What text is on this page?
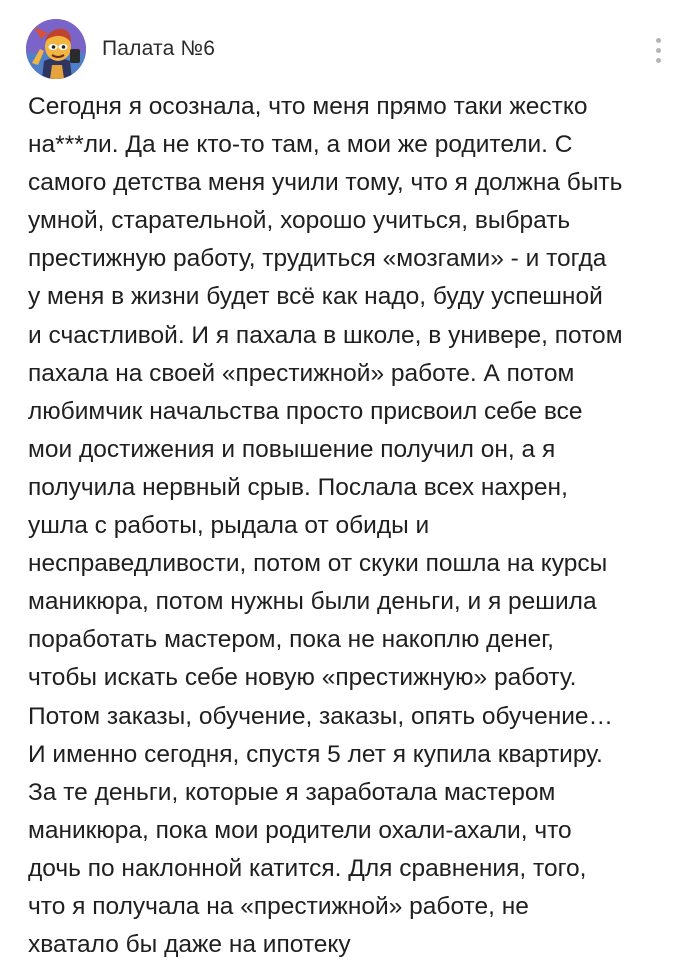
Палата №6
Сегодня я осознала, что меня прямо таки жестко
на***ли. Да не кто-то там, а мои же родители. С
самого детства меня учили тому, что я должна быть
умной, старательной, хорошо учиться, выбрать
престижную работу, трудиться «мозгами» - и тогда
у меня в жизни будет всё как надо, буду успешной
и счастливой. И я пахала в школе, в универе, потом
пахала на своей «престижной» работе. А потом
любимчик начальства просто присвоил себе все
мои достижения и повышение получил он, а я
получила нервный срыв. Послала всех нахрен,
ушла с работы, рыдала от обиды и
несправедливости, потом от скуки пошла на курсы
маникюра, потом нужны были деньги, и я решила
поработать мастером, пока не накоплю денег,
чтобы искать себе новую «престижную» работу.
Потом заказы, обучение, заказы, опять обучение…
И именно сегодня, спустя 5 лет я купила квартиру.
За те деньги, которые я заработала мастером
маникюра, пока мои родители охали-ахали, что
дочь по наклонной катится. Для сравнения, того,
что я получала на «престижной» работе, не
хватало бы даже на ипотеку
